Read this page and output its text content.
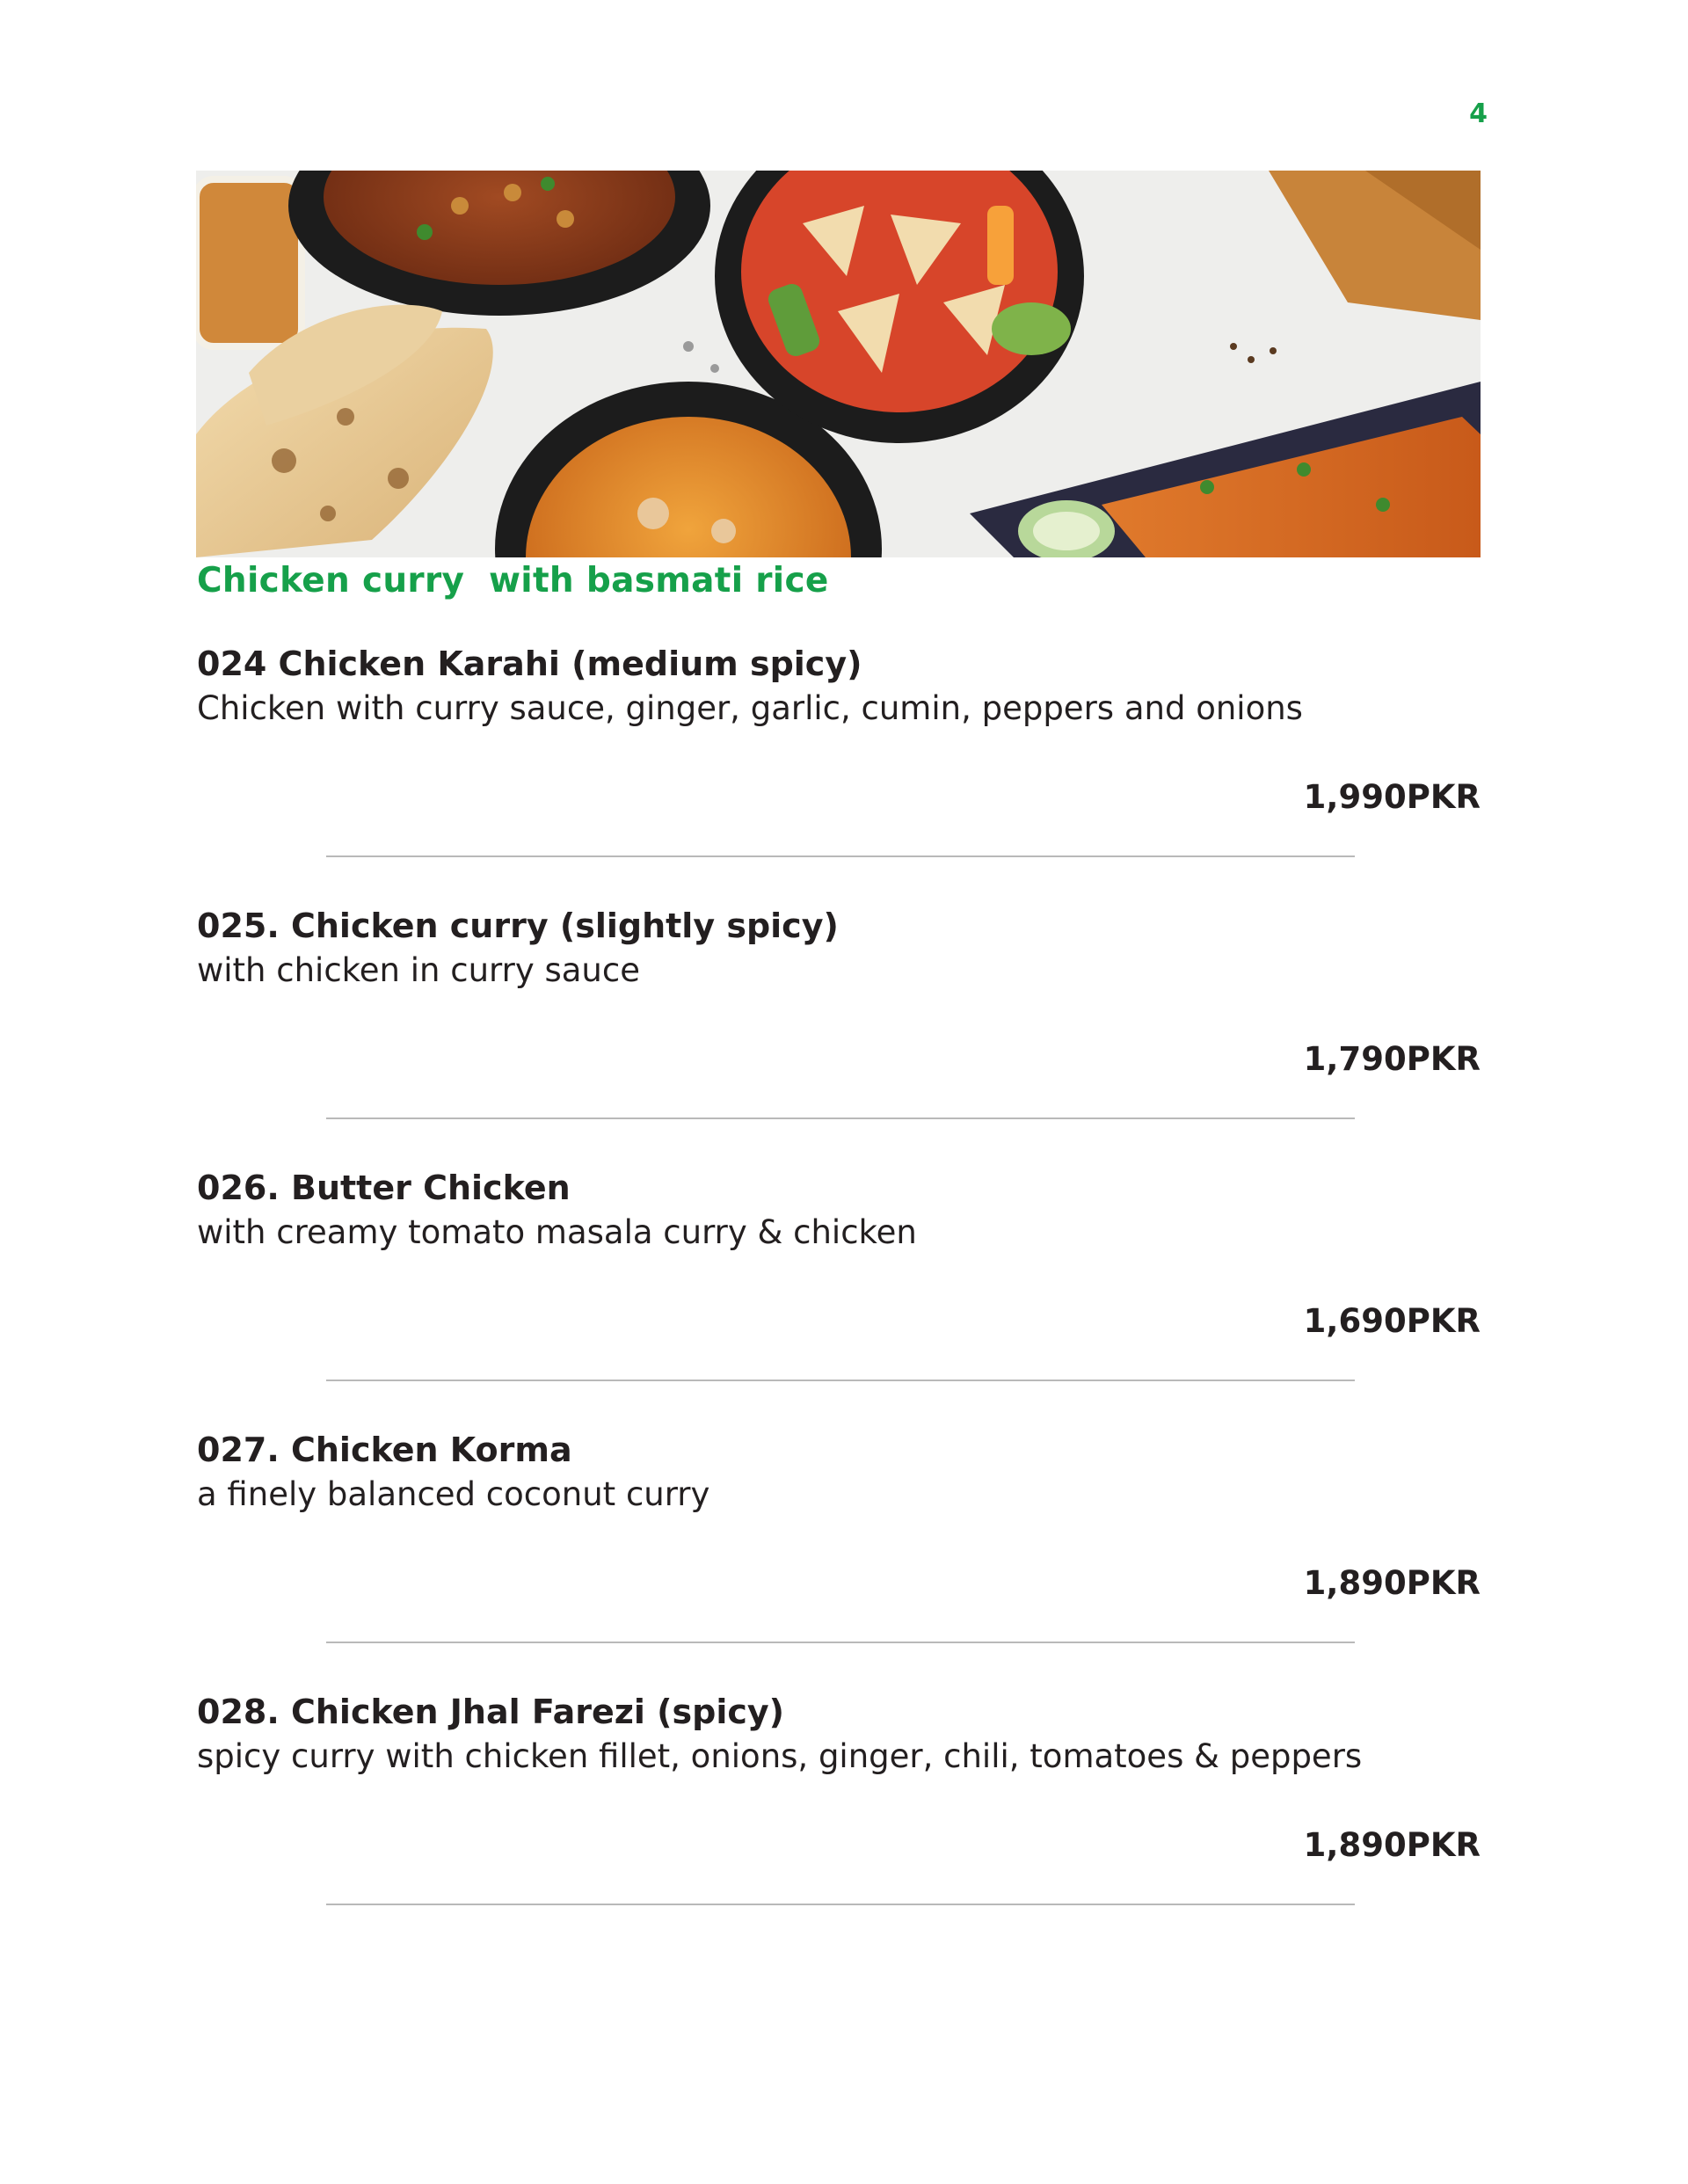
4
Chicken curry  with basmati rice
024 Chicken Karahi (medium spicy)
Chicken with curry sauce, ginger, garlic, cumin, peppers and onions
1,990PKR
025. Chicken curry (slightly spicy)
with chicken in curry sauce
1,790PKR
026. Butter Chicken
with creamy tomato masala curry & chicken
1,690PKR
027. Chicken Korma
a finely balanced coconut curry
1,890PKR
028. Chicken Jhal Farezi (spicy)
spicy curry with chicken fillet, onions, ginger, chili, tomatoes & peppers
1,890PKR
